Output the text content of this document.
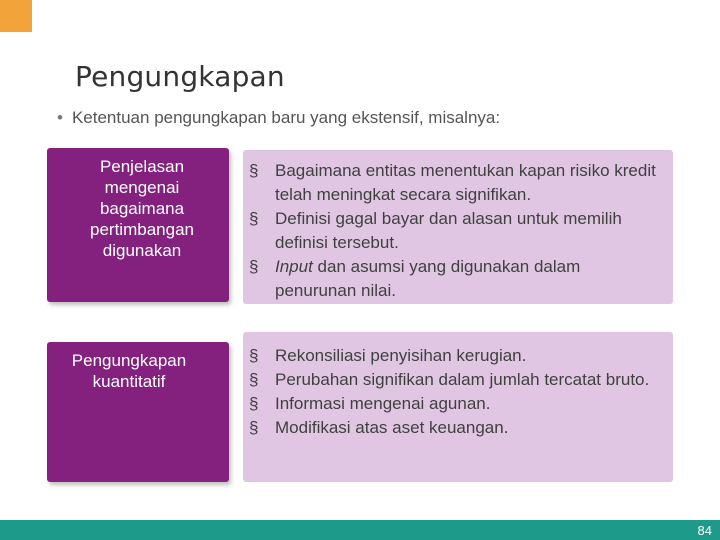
Pengungkapan
• Ketentuan pengungkapan baru yang ekstensif, misalnya:
Penjelasan
mengenai
bagaimana
pertimbangan
digunakan
§ Bagaimana entitas menentukan kapan risiko kredit telah meningkat secara signifikan.
§ Definisi gagal bayar dan alasan untuk memilih definisi tersebut.
§ Input dan asumsi yang digunakan dalam penurunan nilai.
Pengungkapan
kuantitatif
§ Rekonsiliasi penyisihan kerugian.
§ Perubahan signifikan dalam jumlah tercatat bruto.
§ Informasi mengenai agunan.
§ Modifikasi atas aset keuangan.
84
